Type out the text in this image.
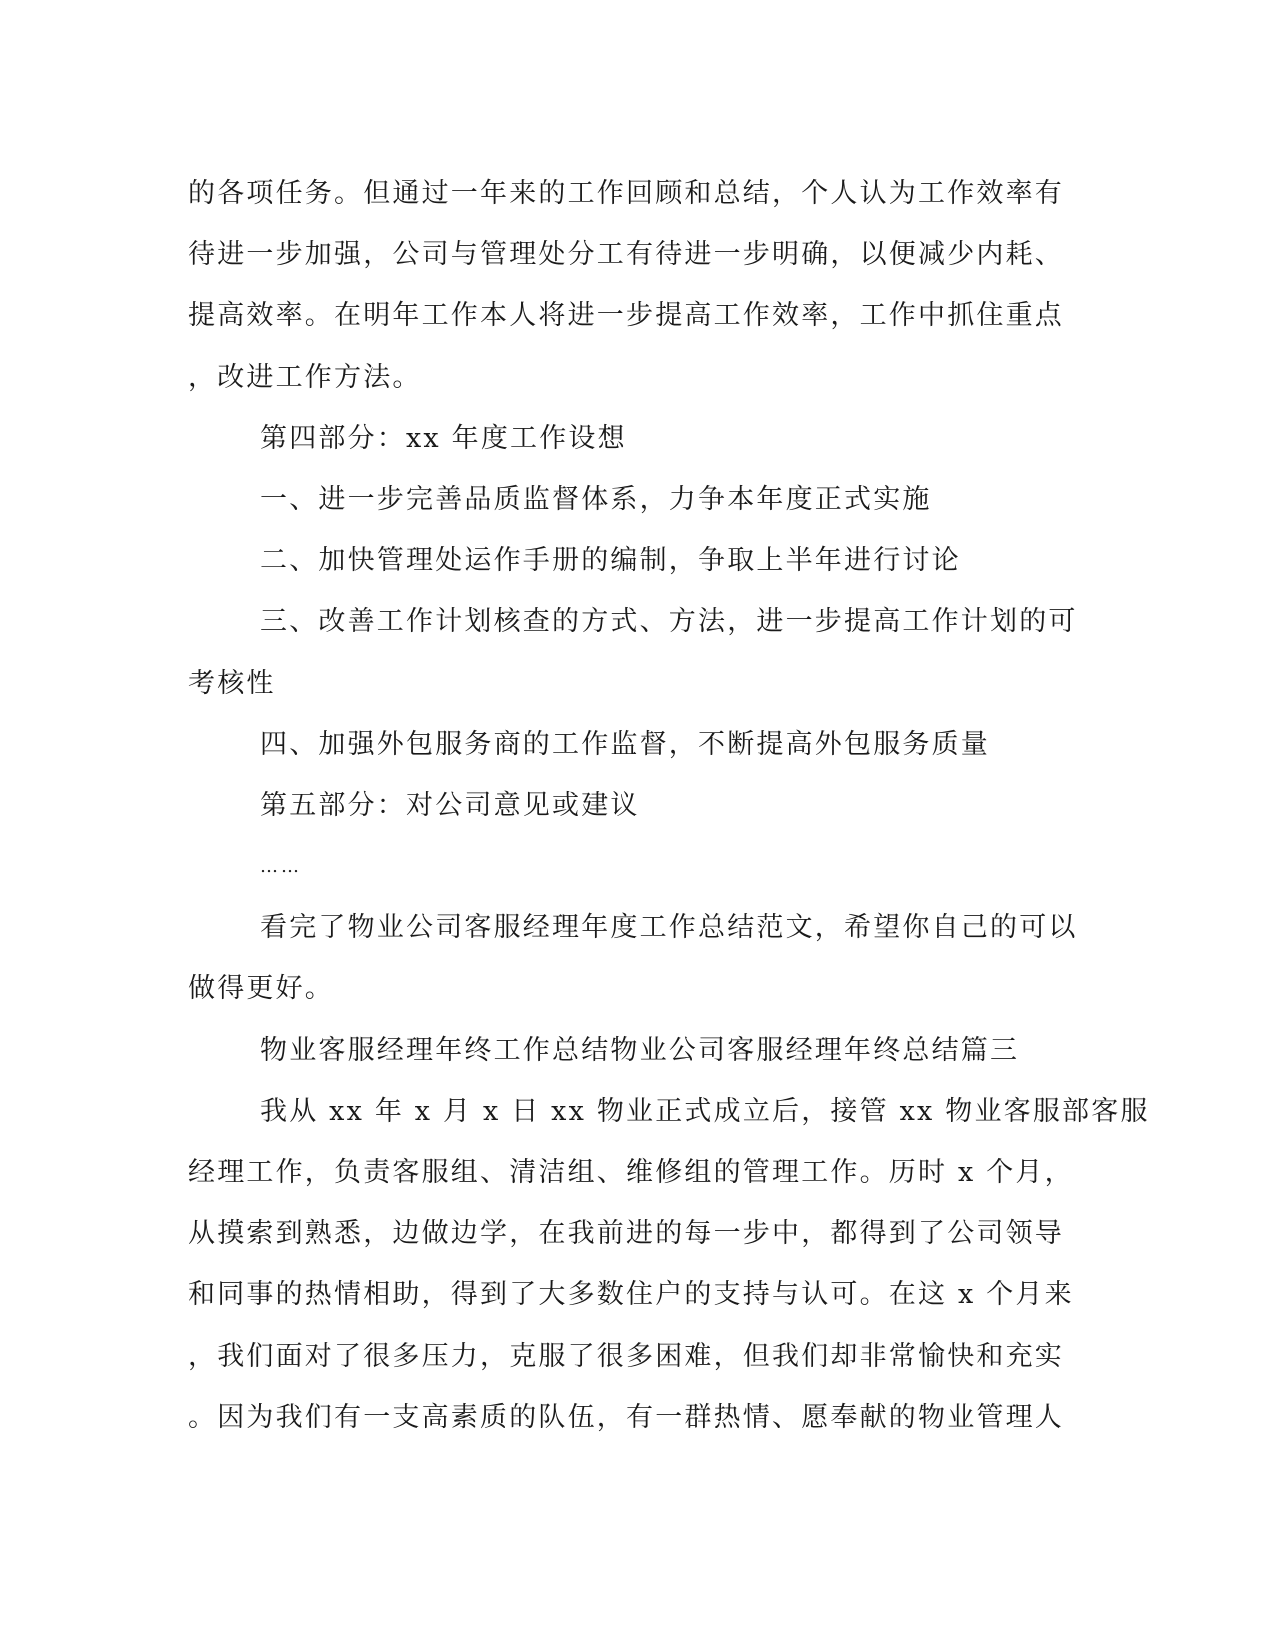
的各项任务。但通过一年来的工作回顾和总结，个人认为工作效率有
待进一步加强，公司与管理处分工有待进一步明确，以便减少内耗、
提高效率。在明年工作本人将进一步提高工作效率，工作中抓住重点
，改进工作方法。
第四部分：xx 年度工作设想
一、进一步完善品质监督体系，力争本年度正式实施
二、加快管理处运作手册的编制，争取上半年进行讨论
三、改善工作计划核查的方式、方法，进一步提高工作计划的可
考核性
四、加强外包服务商的工作监督，不断提高外包服务质量
第五部分：对公司意见或建议
……
看完了物业公司客服经理年度工作总结范文，希望你自己的可以
做得更好。
物业客服经理年终工作总结物业公司客服经理年终总结篇三
我从 xx 年 x 月 x 日 xx 物业正式成立后，接管 xx 物业客服部客服
经理工作，负责客服组、清洁组、维修组的管理工作。历时 x 个月，
从摸索到熟悉，边做边学，在我前进的每一步中，都得到了公司领导
和同事的热情相助，得到了大多数住户的支持与认可。在这 x 个月来
，我们面对了很多压力，克服了很多困难，但我们却非常愉快和充实
。因为我们有一支高素质的队伍，有一群热情、愿奉献的物业管理人
